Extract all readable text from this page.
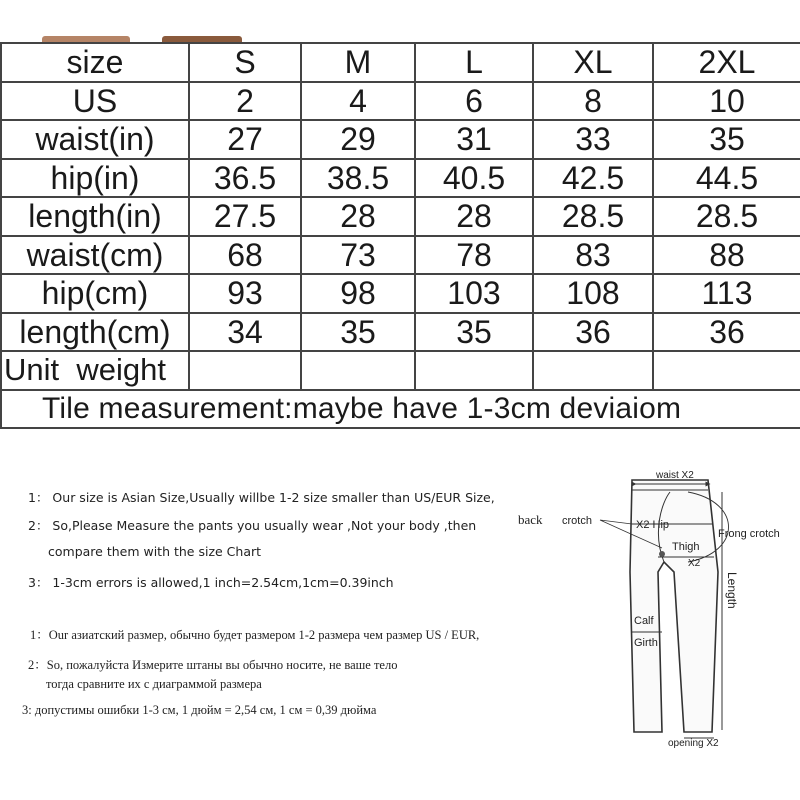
size	S	M	L	XL	2XL
US	2	4	6	8	10
waist(in)	27	29	31	33	35
hip(in)	36.5	38.5	40.5	42.5	44.5
length(in)	27.5	28	28	28.5	28.5
waist(cm)	68	73	78	83	88
hip(cm)	93	98	103	108	113
length(cm)	34	35	35	36	36
Unit  weight					
Tile measurement:maybe have 1-3cm deviaiom					
1： Our size is Asian Size,Usually willbe 1-2 size smaller than US/EUR Size,
2： So,Please Measure the pants you usually wear ,Not your body ,then
compare them with the size Chart
3： 1-3cm errors is allowed,1 inch=2.54cm,1cm=0.39inch
1：Our азиатский размер, обычно будет размером 1-2 размера чем размер US / EUR,
2：So, пожалуйста Измерите штаны вы обычно носите, не ваше тело
тогда сравните их с диаграммой размера
3: допустимы ошибки 1-3 см, 1 дюйм = 2,54 см, 1 см = 0,39 дюйма
waist X2
X2 Hip
Thigh
X2
Length
Calf
Girth
opening X2
back crotch
Frong crotch
